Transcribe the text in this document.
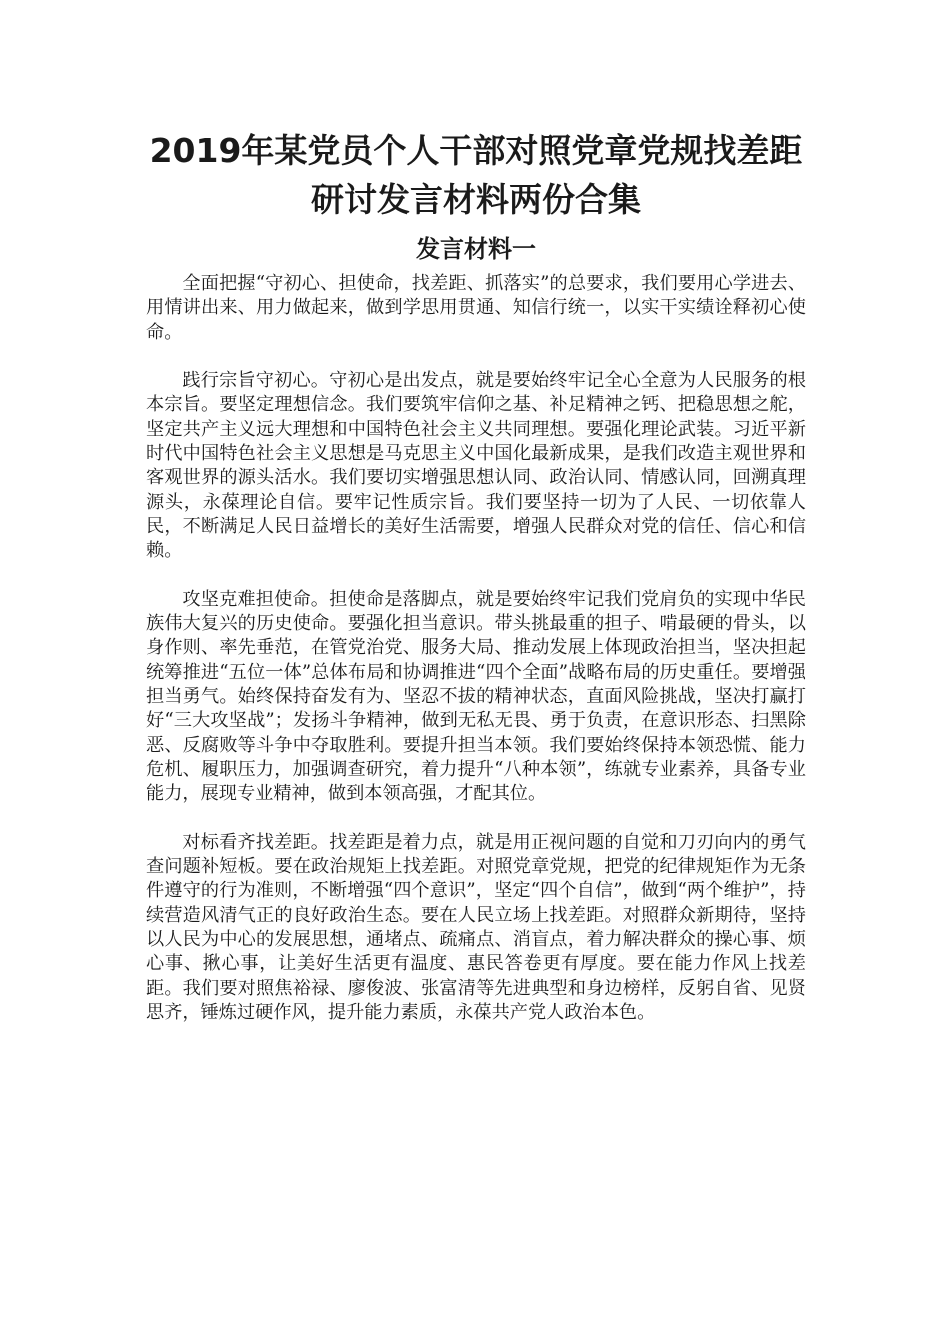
2019年某党员个人干部对照党章党规找差距
研讨发言材料两份合集
发言材料一

全面把握“守初心、担使命，找差距、抓落实”的总要求，我们要用心学进去、用情讲出来、用力做起来，做到学思用贯通、知信行统一，以实干实绩诠释初心使命。

践行宗旨守初心。守初心是出发点，就是要始终牢记全心全意为人民服务的根本宗旨。要坚定理想信念。我们要筑牢信仰之基、补足精神之钙、把稳思想之舵，坚定共产主义远大理想和中国特色社会主义共同理想。要强化理论武装。习近平新时代中国特色社会主义思想是马克思主义中国化最新成果，是我们改造主观世界和客观世界的源头活水。我们要切实增强思想认同、政治认同、情感认同，回溯真理源头，永葆理论自信。要牢记性质宗旨。我们要坚持一切为了人民、一切依靠人民，不断满足人民日益增长的美好生活需要，增强人民群众对党的信任、信心和信赖。

攻坚克难担使命。担使命是落脚点，就是要始终牢记我们党肩负的实现中华民族伟大复兴的历史使命。要强化担当意识。带头挑最重的担子、啃最硬的骨头，以身作则、率先垂范，在管党治党、服务大局、推动发展上体现政治担当，坚决担起统筹推进“五位一体”总体布局和协调推进“四个全面”战略布局的历史重任。要增强担当勇气。始终保持奋发有为、坚忍不拔的精神状态，直面风险挑战，坚决打赢打好“三大攻坚战”；发扬斗争精神，做到无私无畏、勇于负责，在意识形态、扫黑除恶、反腐败等斗争中夺取胜利。要提升担当本领。我们要始终保持本领恐慌、能力危机、履职压力，加强调查研究，着力提升“八种本领”，练就专业素养，具备专业能力，展现专业精神，做到本领高强，才配其位。

对标看齐找差距。找差距是着力点，就是用正视问题的自觉和刀刃向内的勇气查问题补短板。要在政治规矩上找差距。对照党章党规，把党的纪律规矩作为无条件遵守的行为准则，不断增强“四个意识”，坚定“四个自信”，做到“两个维护”，持续营造风清气正的良好政治生态。要在人民立场上找差距。对照群众新期待，坚持以人民为中心的发展思想，通堵点、疏痛点、消盲点，着力解决群众的操心事、烦心事、揪心事，让美好生活更有温度、惠民答卷更有厚度。要在能力作风上找差距。我们要对照焦裕禄、廖俊波、张富清等先进典型和身边榜样，反躬自省、见贤思齐，锤炼过硬作风，提升能力素质，永葆共产党人政治本色。
